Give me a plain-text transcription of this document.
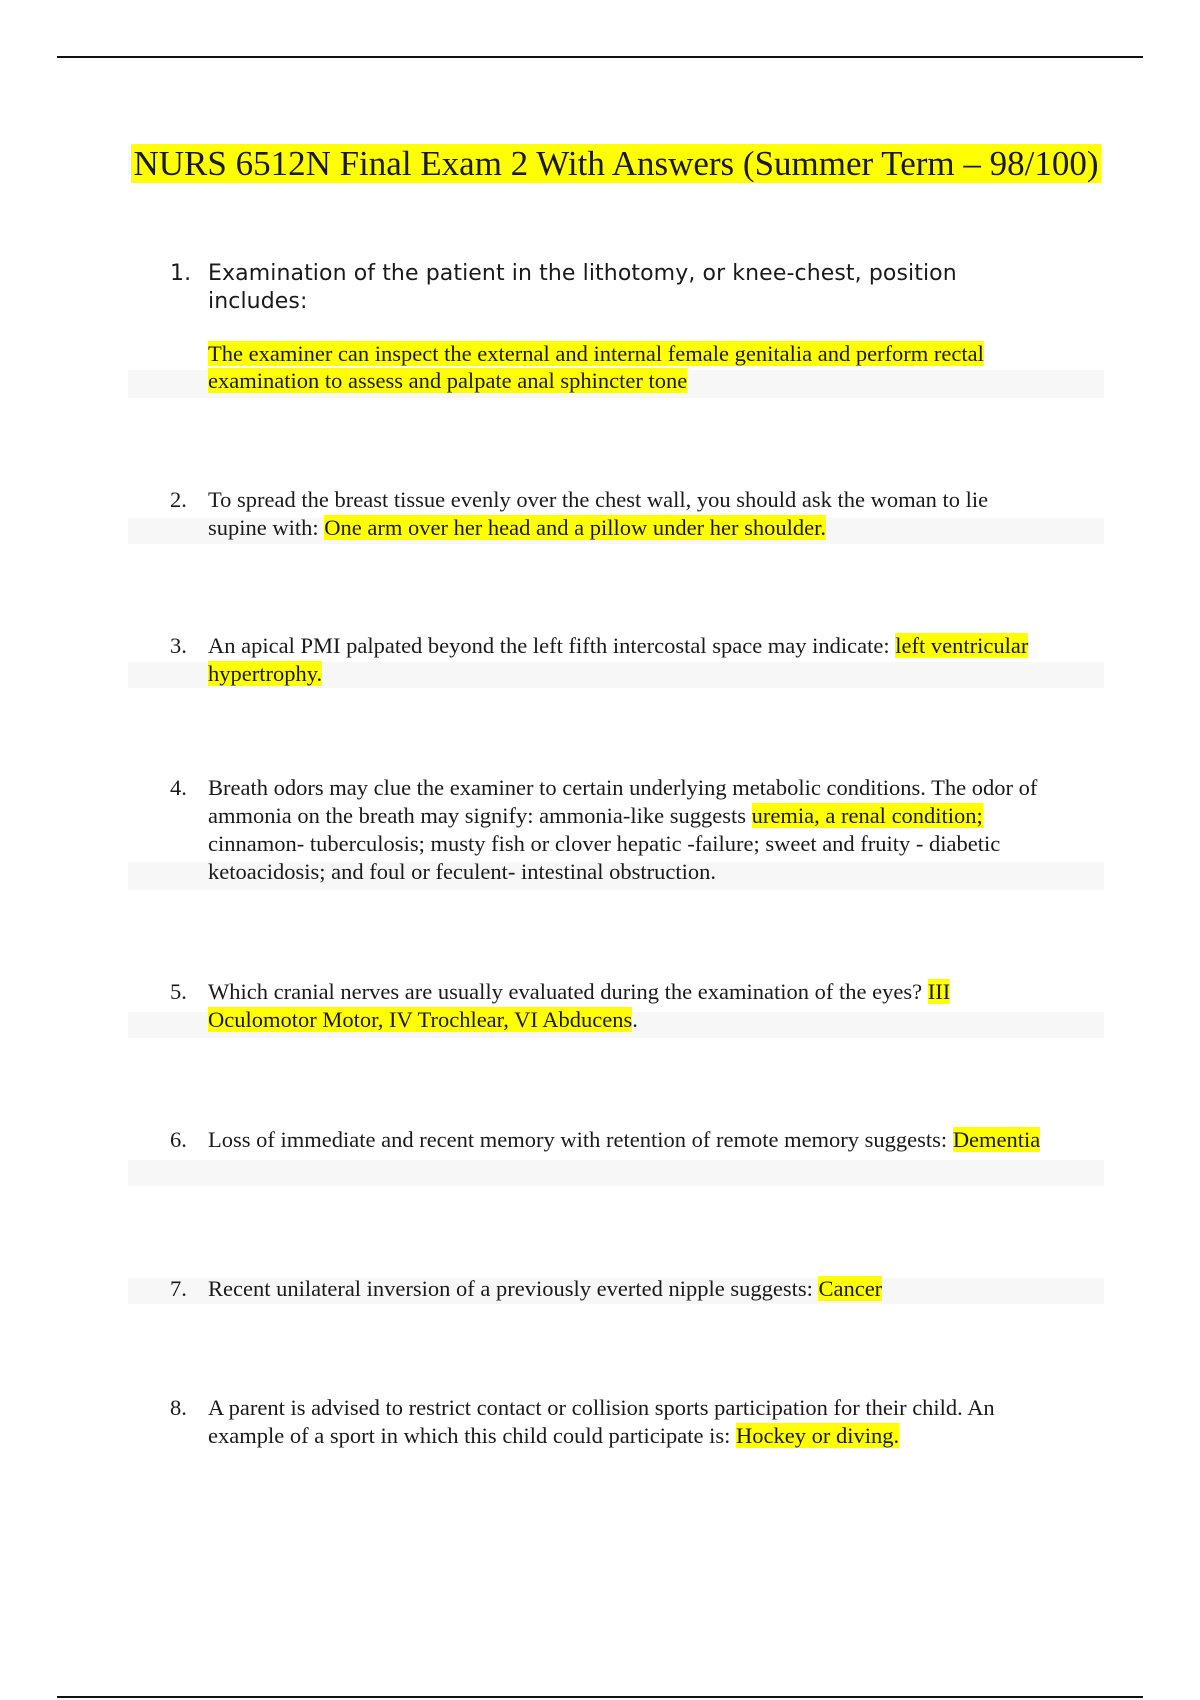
NURS 6512N Final Exam 2 With Answers (Summer Term – 98/100)
1. Examination of the patient in the lithotomy, or knee-chest, position includes:
The examiner can inspect the external and internal female genitalia and perform rectal examination to assess and palpate anal sphincter tone
2. To spread the breast tissue evenly over the chest wall, you should ask the woman to lie supine with: One arm over her head and a pillow under her shoulder.
3. An apical PMI palpated beyond the left fifth intercostal space may indicate: left ventricular hypertrophy.
4. Breath odors may clue the examiner to certain underlying metabolic conditions. The odor of ammonia on the breath may signify: ammonia-like suggests uremia, a renal condition; cinnamon- tuberculosis; musty fish or clover hepatic -failure; sweet and fruity - diabetic ketoacidosis; and foul or feculent- intestinal obstruction.
5. Which cranial nerves are usually evaluated during the examination of the eyes? III Oculomotor Motor, IV Trochlear, VI Abducens.
6. Loss of immediate and recent memory with retention of remote memory suggests: Dementia
7. Recent unilateral inversion of a previously everted nipple suggests: Cancer
8. A parent is advised to restrict contact or collision sports participation for their child. An example of a sport in which this child could participate is: Hockey or diving.
